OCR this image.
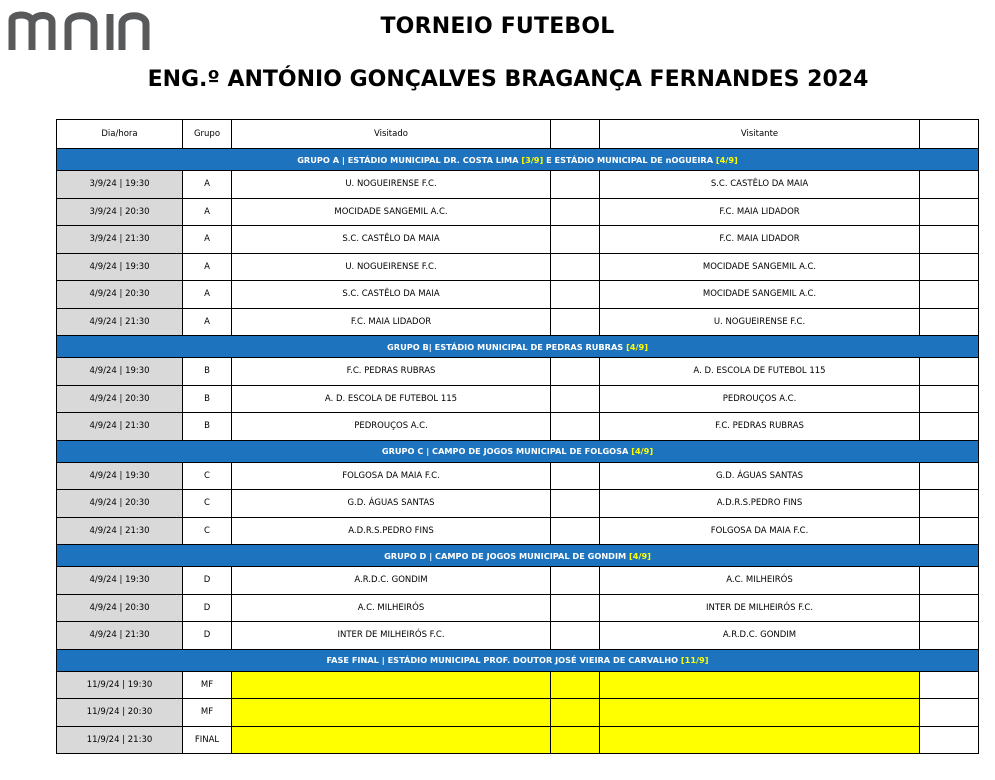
TORNEIO FUTEBOL
ENG.º ANTÓNIO GONÇALVES BRAGANÇA FERNANDES 2024
Dia/hora	Grupo	Visitado		Visitante	
GRUPO A | ESTÁDIO MUNICIPAL DR. COSTA LIMA [3/9] E ESTÁDIO MUNICIPAL DE nOGUEIRA [4/9]					
3/9/24 | 19:30	A	U. NOGUEIRENSE F.C.		S.C. CASTÊLO DA MAIA	
3/9/24 | 20:30	A	MOCIDADE SANGEMIL A.C.		F.C. MAIA LIDADOR	
3/9/24 | 21:30	A	S.C. CASTÊLO DA MAIA		F.C. MAIA LIDADOR	
4/9/24 | 19:30	A	U. NOGUEIRENSE F.C.		MOCIDADE SANGEMIL A.C.	
4/9/24 | 20:30	A	S.C. CASTÊLO DA MAIA		MOCIDADE SANGEMIL A.C.	
4/9/24 | 21:30	A	F.C. MAIA LIDADOR		U. NOGUEIRENSE F.C.	
GRUPO B| ESTÁDIO MUNICIPAL DE PEDRAS RUBRAS [4/9]					
4/9/24 | 19:30	B	F.C. PEDRAS RUBRAS		A. D. ESCOLA DE FUTEBOL 115	
4/9/24 | 20:30	B	A. D. ESCOLA DE FUTEBOL 115		PEDROUÇOS A.C.	
4/9/24 | 21:30	B	PEDROUÇOS A.C.		F.C. PEDRAS RUBRAS	
GRUPO C | CAMPO DE JOGOS MUNICIPAL DE FOLGOSA [4/9]					
4/9/24 | 19:30	C	FOLGOSA DA MAIA F.C.		G.D. ÁGUAS SANTAS	
4/9/24 | 20:30	C	G.D. ÁGUAS SANTAS		A.D.R.S.PEDRO FINS	
4/9/24 | 21:30	C	A.D.R.S.PEDRO FINS		FOLGOSA DA MAIA F.C.	
GRUPO D | CAMPO DE JOGOS MUNICIPAL DE GONDIM [4/9]					
4/9/24 | 19:30	D	A.R.D.C. GONDIM		A.C. MILHEIRÓS	
4/9/24 | 20:30	D	A.C. MILHEIRÓS		INTER DE MILHEIRÓS F.C.	
4/9/24 | 21:30	D	INTER DE MILHEIRÓS F.C.		A.R.D.C. GONDIM	
FASE FINAL | ESTÁDIO MUNICIPAL PROF. DOUTOR JOSÉ VIEIRA DE CARVALHO [11/9]					
11/9/24 | 19:30	MF				
11/9/24 | 20:30	MF				
11/9/24 | 21:30	FINAL				
